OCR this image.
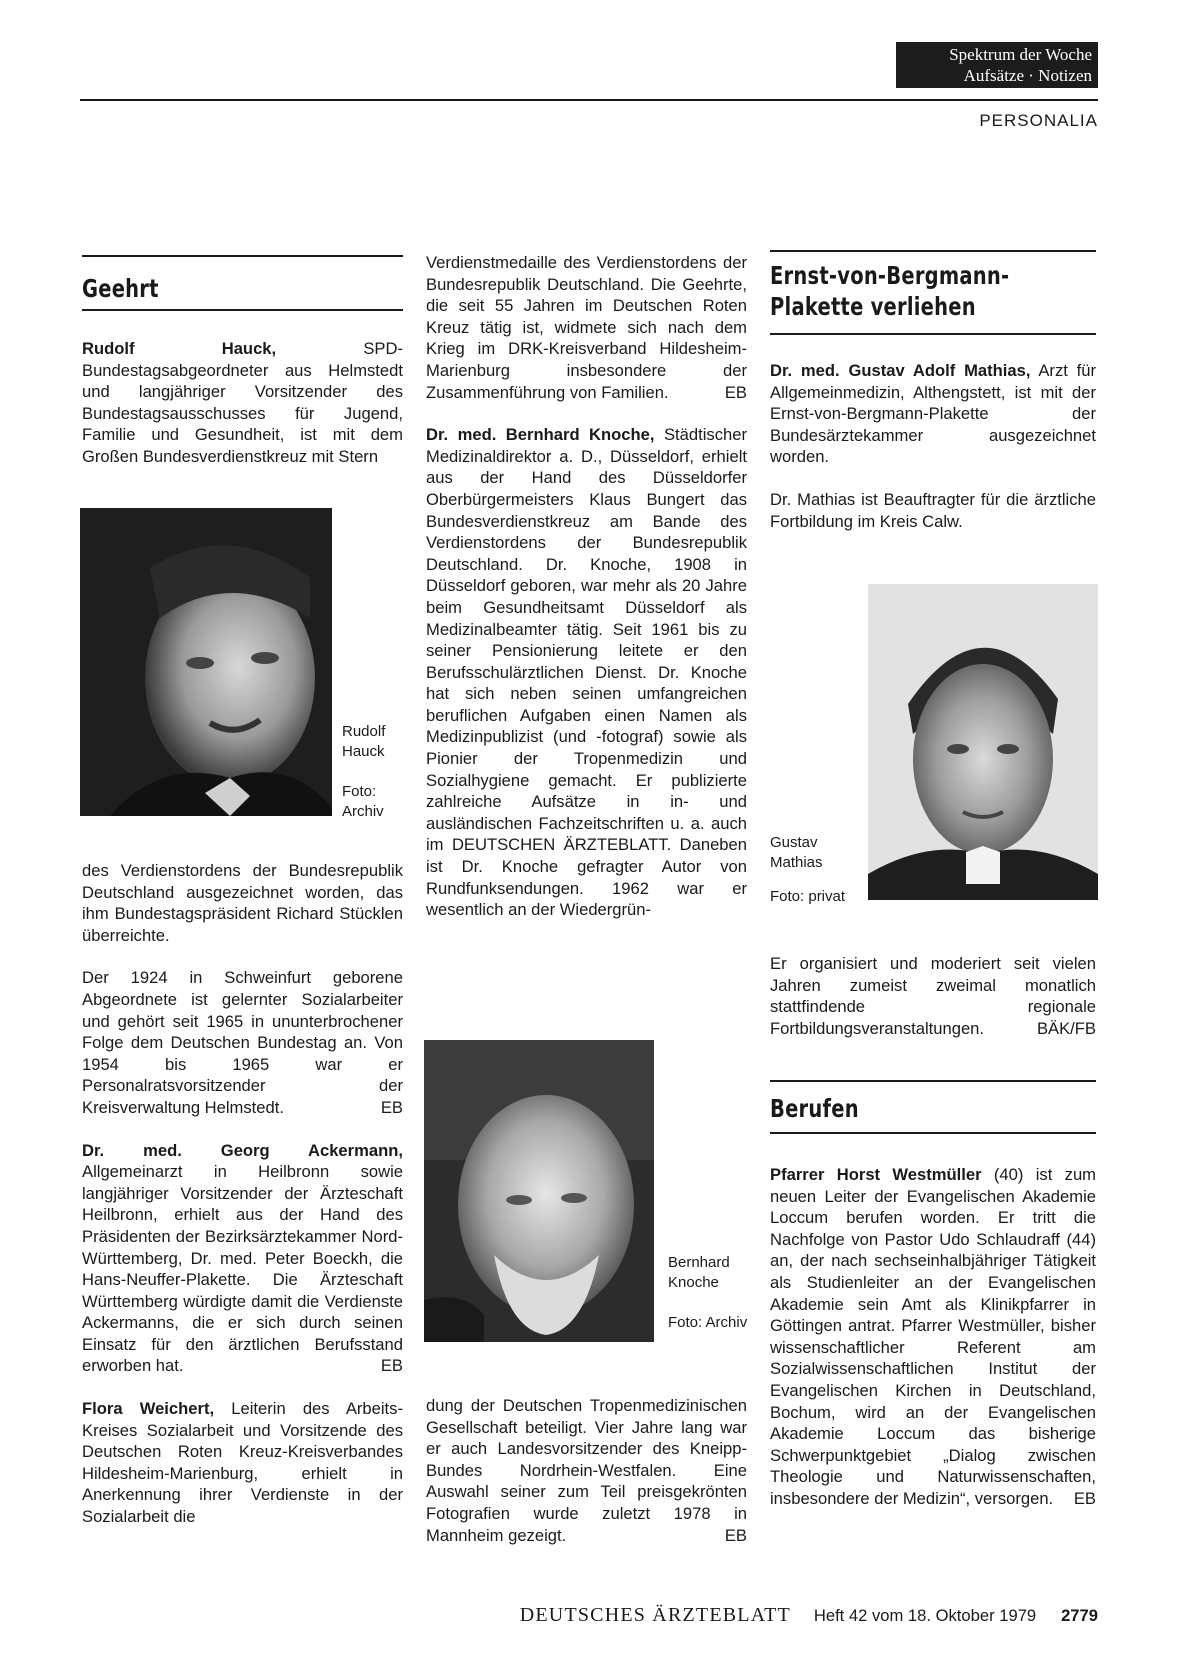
Spektrum der Woche
Aufsätze · Notizen
PERSONALIA
Geehrt

Rudolf Hauck, SPD-Bundestagsabgeordneter aus Helmstedt und langjähriger Vorsitzender des Bundestagsausschusses für Jugend, Familie und Gesundheit, ist mit dem Großen Bundesverdienstkreuz mit Stern

Rudolf Hauck
Foto: Archiv

des Verdienstordens der Bundesrepublik Deutschland ausgezeichnet worden, das ihm Bundestagspräsident Richard Stücklen überreichte.

Der 1924 in Schweinfurt geborene Abgeordnete ist gelernter Sozialarbeiter und gehört seit 1965 in ununterbrochener Folge dem Deutschen Bundestag an. Von 1954 bis 1965 war er Personalratsvorsitzender der Kreisverwaltung Helmstedt.	EB

Dr. med. Georg Ackermann, Allgemeinarzt in Heilbronn sowie langjähriger Vorsitzender der Ärzteschaft Heilbronn, erhielt aus der Hand des Präsidenten der Bezirksärztekammer Nord-Württemberg, Dr. med. Peter Boeckh, die Hans-Neuffer-Plakette. Die Ärzteschaft Württemberg würdigte damit die Verdienste Ackermanns, die er sich durch seinen Einsatz für den ärztlichen Berufsstand erworben hat.	EB

Flora Weichert, Leiterin des Arbeits-Kreises Sozialarbeit und Vorsitzende des Deutschen Roten Kreuz-Kreisverbandes Hildesheim-Marienburg, erhielt in Anerkennung ihrer Verdienste in der Sozialarbeit die

Verdienstmedaille des Verdienstordens der Bundesrepublik Deutschland. Die Geehrte, die seit 55 Jahren im Deutschen Roten Kreuz tätig ist, widmete sich nach dem Krieg im DRK-Kreisverband Hildesheim-Marienburg insbesondere der Zusammenführung von Familien.	EB

Dr. med. Bernhard Knoche, Städtischer Medizinaldirektor a. D., Düsseldorf, erhielt aus der Hand des Düsseldorfer Oberbürgermeisters Klaus Bungert das Bundesverdienstkreuz am Bande des Verdienstordens der Bundesrepublik Deutschland. Dr. Knoche, 1908 in Düsseldorf geboren, war mehr als 20 Jahre beim Gesundheitsamt Düsseldorf als Medizinalbeamter tätig. Seit 1961 bis zu seiner Pensionierung leitete er den Berufsschulärztlichen Dienst. Dr. Knoche hat sich neben seinen umfangreichen beruflichen Aufgaben einen Namen als Medizinpublizist (und -fotograf) sowie als Pionier der Tropenmedizin und Sozialhygiene gemacht. Er publizierte zahlreiche Aufsätze in in- und ausländischen Fachzeitschriften u. a. auch im DEUTSCHEN ÄRZTEBLATT. Daneben ist Dr. Knoche gefragter Autor von Rundfunksendungen. 1962 war er wesentlich an der Wiedergrün-

Bernhard Knoche
Foto: Archiv

dung der Deutschen Tropenmedizinischen Gesellschaft beteiligt. Vier Jahre lang war er auch Landesvorsitzender des Kneipp-Bundes Nordrhein-Westfalen. Eine Auswahl seiner zum Teil preisgekrönten Fotografien wurde zuletzt 1978 in Mannheim gezeigt.	EB

Ernst-von-Bergmann-
Plakette verliehen

Dr. med. Gustav Adolf Mathias, Arzt für Allgemeinmedizin, Althengstett, ist mit der Ernst-von-Bergmann-Plakette der Bundesärztekammer ausgezeichnet worden.

Dr. Mathias ist Beauftragter für die ärztliche Fortbildung im Kreis Calw.

Gustav Mathias
Foto: privat

Er organisiert und moderiert seit vielen Jahren zumeist zweimal monatlich stattfindende regionale Fortbildungsveranstaltungen.	BÄK/FB

Berufen

Pfarrer Horst Westmüller (40) ist zum neuen Leiter der Evangelischen Akademie Loccum berufen worden. Er tritt die Nachfolge von Pastor Udo Schlaudraff (44) an, der nach sechseinhalbjähriger Tätigkeit als Studienleiter an der Evangelischen Akademie sein Amt als Klinikpfarrer in Göttingen antrat. Pfarrer Westmüller, bisher wissenschaftlicher Referent am Sozialwissenschaftlichen Institut der Evangelischen Kirchen in Deutschland, Bochum, wird an der Evangelischen Akademie Loccum das bisherige Schwerpunktgebiet „Dialog zwischen Theologie und Naturwissenschaften, insbesondere der Medizin“, versorgen. EB

DEUTSCHES ÄRZTEBLATT Heft 42 vom 18. Oktober 1979 2779
